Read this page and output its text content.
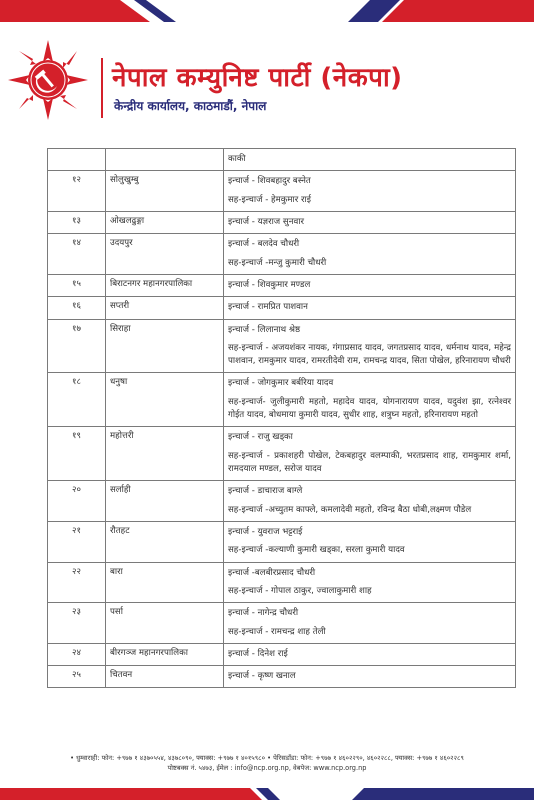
नेपाल कम्युनिष्ट पार्टी (नेकपा)
केन्द्रीय कार्यालय, काठमाडौं, नेपाल

		काकी

१२	सोलुखुम्बु	इन्चार्ज - शिवबहादुर बस्नेत
सह-इन्चार्ज - हेमकुमार राई

१३	ओखलढुङ्गा	इन्चार्ज - यज्ञराज सुनवार

१४	उदयपुर	इन्चार्ज - बलदेव चौधरी
सह-इन्चार्ज -मन्जु कुमारी चौधरी

१५	बिराटनगर महानगरपालिका	इन्चार्ज - शिवकुमार मण्डल

१६	सप्तरी	इन्चार्ज - रामप्रित पाशवान

१७	सिराहा	इन्चार्ज - लिलानाथ श्रेष्ठ
सह-इन्चार्ज - अजयशंकर नायक, गंगाप्रसाद यादव, जगतप्रसाद यादव, धर्मनाथ यादव, महेन्द्र पाशवान, रामकुमार यादव, रामरतीदेवी राम, रामचन्द्र यादव, सिता पोखेल, हरिनारायण चौधरी

१८	धनुषा	इन्चार्ज - जोगकुमार बर्बरिया यादव
सह-इन्चार्ज- जुलीकुमारी महतो, महादेव यादव, योगनारायण यादव, यदुवंश झा, रत्नेश्वर गोईत यादव, बोधमाया कुमारी यादव, सुधीर शाह, शत्रुघ्न महतो, हरिनारायण महतो

१९	महोत्तरी	इन्चार्ज - राजु खड्का
सह-इन्चार्ज - प्रकाशहरी पोखेल, टेकबहादुर वलम्पाकी, भरतप्रसाद शाह, रामकुमार शर्मा, रामदयाल मण्डल, सरोज यादव

२०	सर्लाही	इन्चार्ज - डाचाराज बाग्ले
सह-इन्चार्ज -अच्युतम काफ्ले, कमलादेवी महतो, रविन्द्र बैठा धोबी,लक्ष्मण पौडेल

२१	रौतहट	इन्चार्ज - युवराज भट्टराई
सह-इन्चार्ज -कल्याणी कुमारी खड्का, सरला कुमारी यादव

२२	बारा	इन्चार्ज -बलबीरप्रसाद चौधरी
सह-इन्चार्ज - गोपाल ठाकुर, ज्वालाकुमारी शाह

२३	पर्सा	इन्चार्ज - नागेन्द्र चौधरी
सह-इन्चार्ज - रामचन्द्र शाह तेली

२४	बीरगञ्ज महानगरपालिका	इन्चार्ज - दिनेश राई

२५	चितवन	इन्चार्ज - कृष्ण खनाल
• धुम्वाराही: फोन: +९७७ १ ४३७०५५४, ४३७८०९०, फ्याक्स: +९७७ १ ४०१५९८० • पेरिसडाँडा: फोन: +९७७ १ ४६०२२९०, ४६०२२८८, फ्याक्स: +९७७ १ ४६०२२८९
पोष्टबक्स नं. ५४७३, ईमेल : info@ncp.org.np, वेबपेज: www.ncp.org.np
